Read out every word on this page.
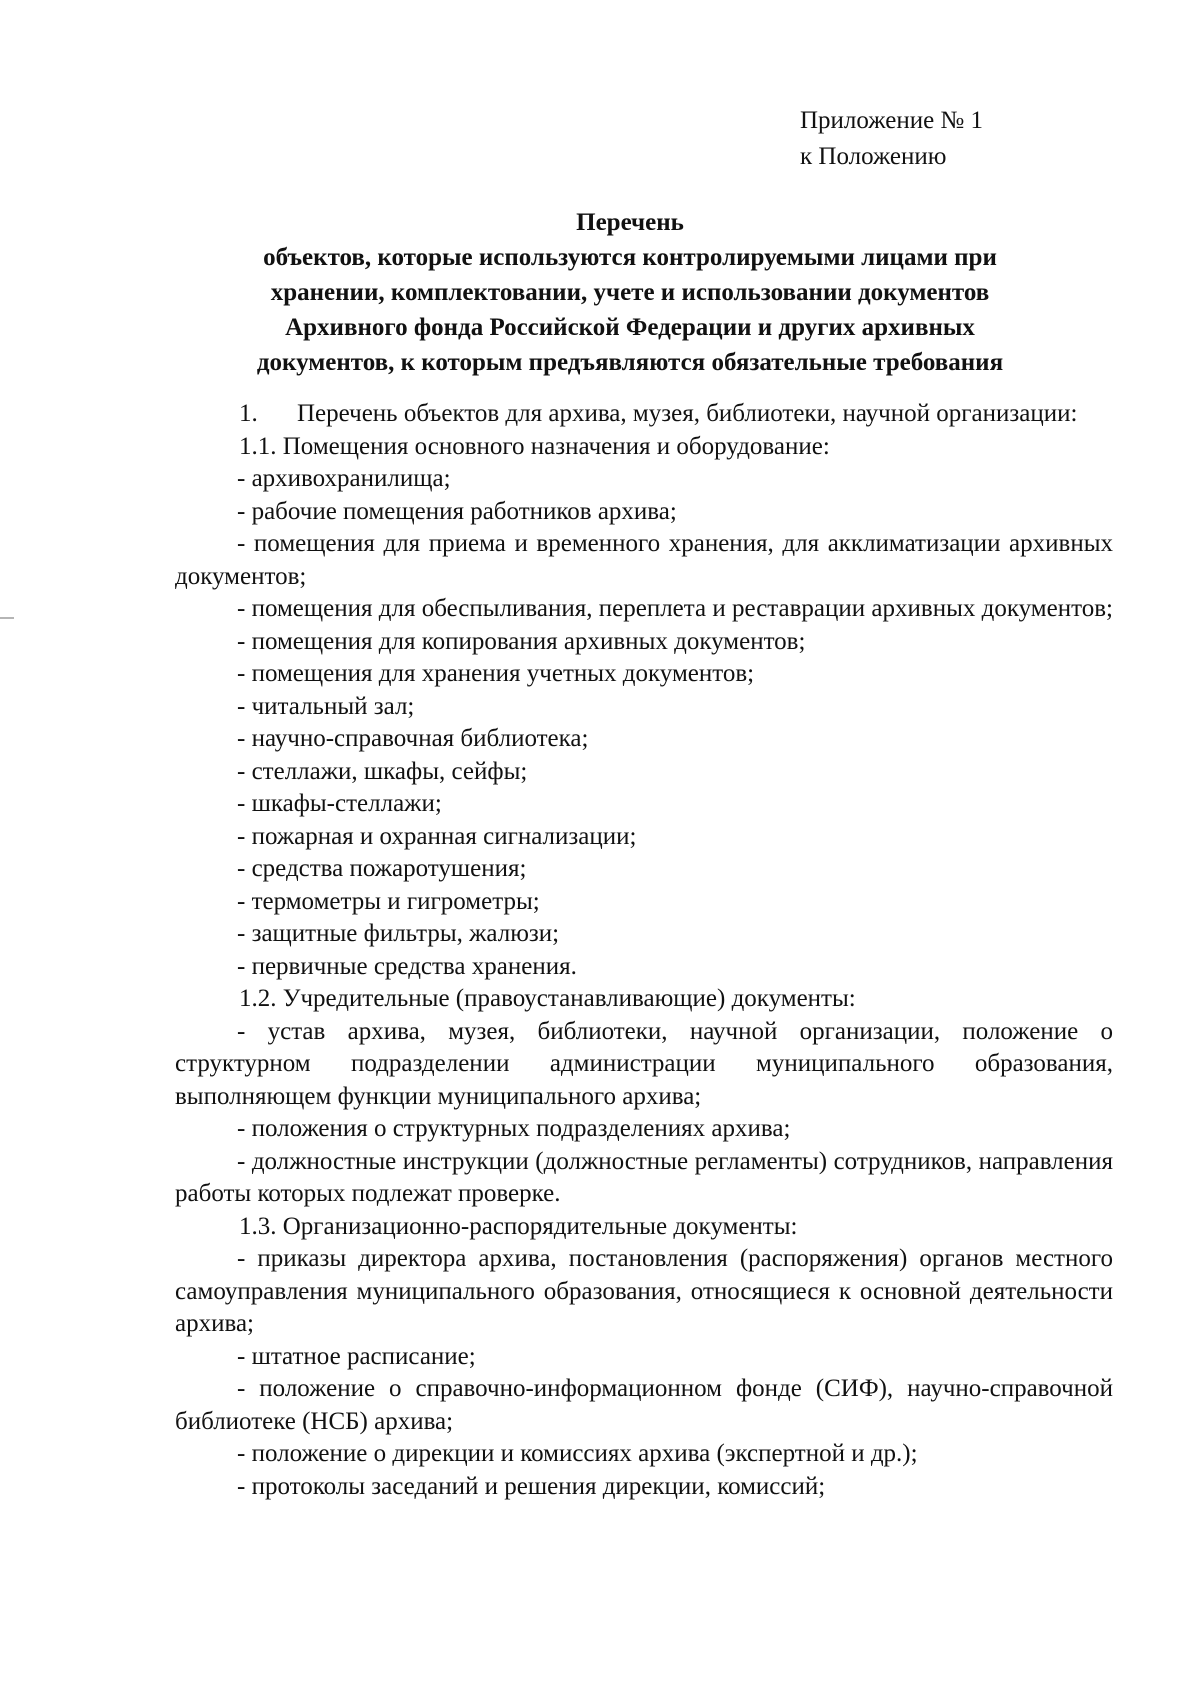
Приложение № 1
к Положению
Перечень
объектов, которые используются контролируемыми лицами при
хранении, комплектовании, учете и использовании документов
Архивного фонда Российской Федерации и других архивных
документов, к которым предъявляются обязательные требования

1. Перечень объектов для архива, музея, библиотеки, научной организации:

1.1. Помещения основного назначения и оборудование:

- архивохранилища;

- рабочие помещения работников архива;

- помещения для приема и временного хранения, для акклиматизации архивных документов;

- помещения для обеспыливания, переплета и реставрации архивных документов;

- помещения для копирования архивных документов;

- помещения для хранения учетных документов;

- читальный зал;

- научно-справочная библиотека;

- стеллажи, шкафы, сейфы;

- шкафы-стеллажи;

- пожарная и охранная сигнализации;

- средства пожаротушения;

- термометры и гигрометры;

- защитные фильтры, жалюзи;

- первичные средства хранения.

1.2. Учредительные (правоустанавливающие) документы:

- устав архива, музея, библиотеки, научной организации, положение о структурном подразделении администрации муниципального образования, выполняющем функции муниципального архива;

- положения о структурных подразделениях архива;

- должностные инструкции (должностные регламенты) сотрудников, направления работы которых подлежат проверке.

1.3. Организационно-распорядительные документы:

- приказы директора архива, постановления (распоряжения) органов местного самоуправления муниципального образования, относящиеся к основной деятельности архива;

- штатное расписание;

- положение о справочно-информационном фонде (СИФ), научно-справочной библиотеке (НСБ) архива;

- положение о дирекции и комиссиях архива (экспертной и др.);

- протоколы заседаний и решения дирекции, комиссий;
